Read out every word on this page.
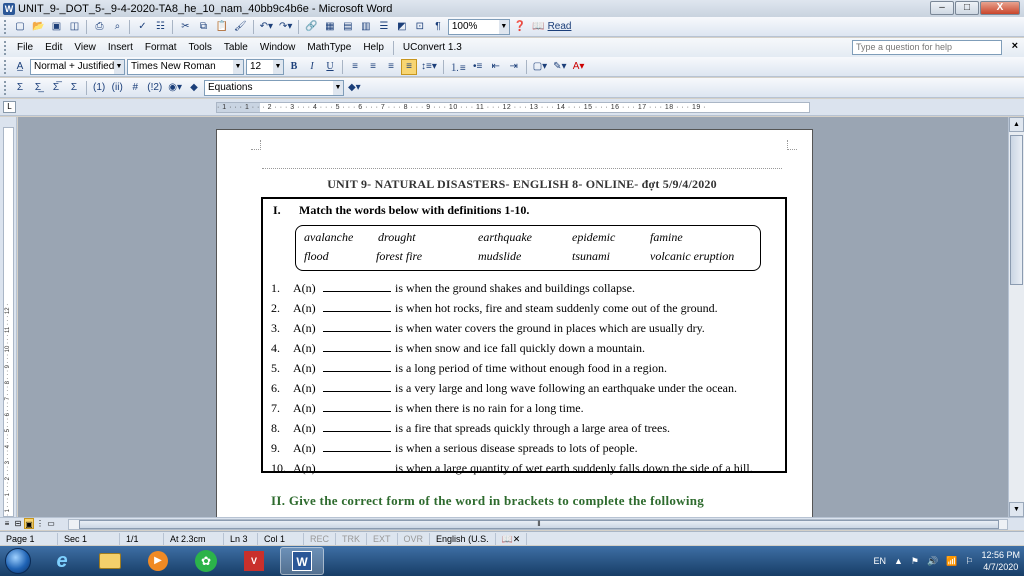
W UNIT_9-_DOT_5-_9-4-2020-TA8_he_10_nam_40bb9c4b6e - Microsoft Word	–	□	X
▢ 📂 ▣ ◫	⎙	⌕	✓ ☷	✂	⧉ 📋 🖌 ↶▾ ↷▾ 🔗 ▦ ▤ ▥ ☰ ◩ ⊡	¶	100%	▼ ❓ 📖 Read
File	Edit	View	Insert	Format	Tools	Table	Window	MathType	Help	UConvert 1.3	Type a question for help	×
A̲	Normal + Justified ▼ Times New Roman	▼ 12 ▼ B	I	U	≡	≡	≡	≡ ↕≡▾ ⒈≡ •≡ ⇤ ⇥	▢▾ ✎▾ A▾
Σ	Σ̲	Σ̅	Σ	(1) (ii) # (!2) ◉▾ ◆	Equations	▼ ◆▾
L	· 1 · · · 1 · · · 2 · · · 3 · · · 4 · · · 5 · · · 6 · · · 7 · · · 8 · · · 9 · · · 10 · · · 11 · · · 12 · · · 13 · · · 14 · · · 15 · · · 16 · · · 17 · · · 18 · · · 19 ·
· 1 · · · 1 · · · 2 · · · 3 · · · 4 · · · 5 · · · 6 · · · 7 · · · 8 · · · 9 · · · 10 · · · 11 · · · 12 ·
UNIT 9- NATURAL DISASTERS- ENGLISH 8- ONLINE- đợt 5/9/4/2020
I. Match the words below with definitions 1-10.
avalanche drought	earthquake	epidemic	famine
flood	forest fire	mudslide	tsunami	volcanic eruption
1. A(n)	is when the ground shakes and buildings collapse.
2. A(n)	is when hot rocks, fire and steam suddenly come out of the ground.
3. A(n)	is when water covers the ground in places which are usually dry.
4. A(n)	is when snow and ice fall quickly down a mountain.
5. A(n)	is a long period of time without enough food in a region.
6. A(n)	is a very large and long wave following an earthquake under the ocean.
7. A(n)	is when there is no rain for a long time.
8. A(n)	is a fire that spreads quickly through a large area of trees.
9. A(n)	is when a serious disease spreads to lots of people.
10. A(n)	is when a large quantity of wet earth suddenly falls down the side of a hill.
II. Give the correct form of the word in brackets to complete the following
▲
▼
≡ ⊟ ▣ ⋮ ▭	⫴
Page 1	Sec 1	1/1	At 2.3cm	Ln 3	Col 1	REC	TRK	EXT	OVR	English (U.S.	📖✕
e	▶	✿	V	W	EN ▲ ⚑ 🔊 📶 ⚐
12:56 PM
4/7/2020
